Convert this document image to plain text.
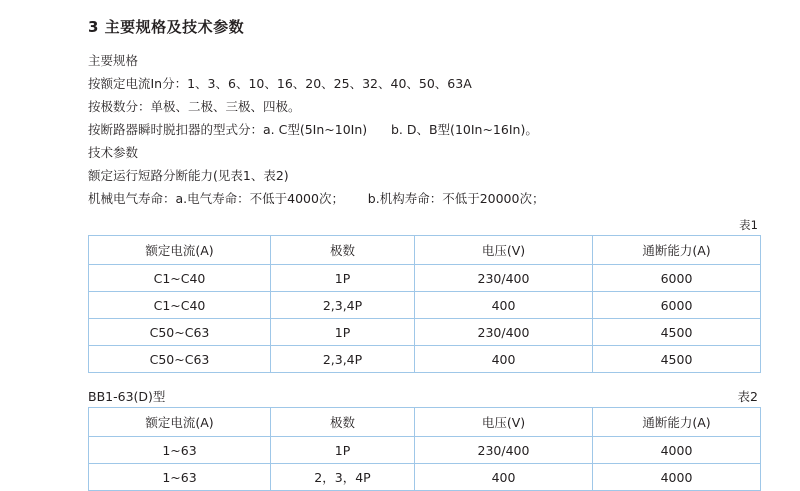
3 主要规格及技术参数

主要规格

按额定电流In分：1、3、6、10、16、20、25、32、40、50、63A

按极数分：单极、二极、三极、四极。

按断路器瞬时脱扣器的型式分：a. C型(5In~10In)      b. D、B型(10In~16In)。

技术参数

额定运行短路分断能力(见表1、表2)

机械电气寿命：a.电气寿命：不低于4000次；      b.机构寿命：不低于20000次；

表1
额定电流(A)	极数	电压(V)	通断能力(A)
C1~C40	1P	230/400	6000
C1~C40	2,3,4P	400	6000
C50~C63	1P	230/400	4500
C50~C63	2,3,4P	400	4500
BB1-63(D)型	表2
额定电流(A)	极数	电压(V)	通断能力(A)
1~63	1P	230/400	4000
1~63	2，3，4P	400	4000
